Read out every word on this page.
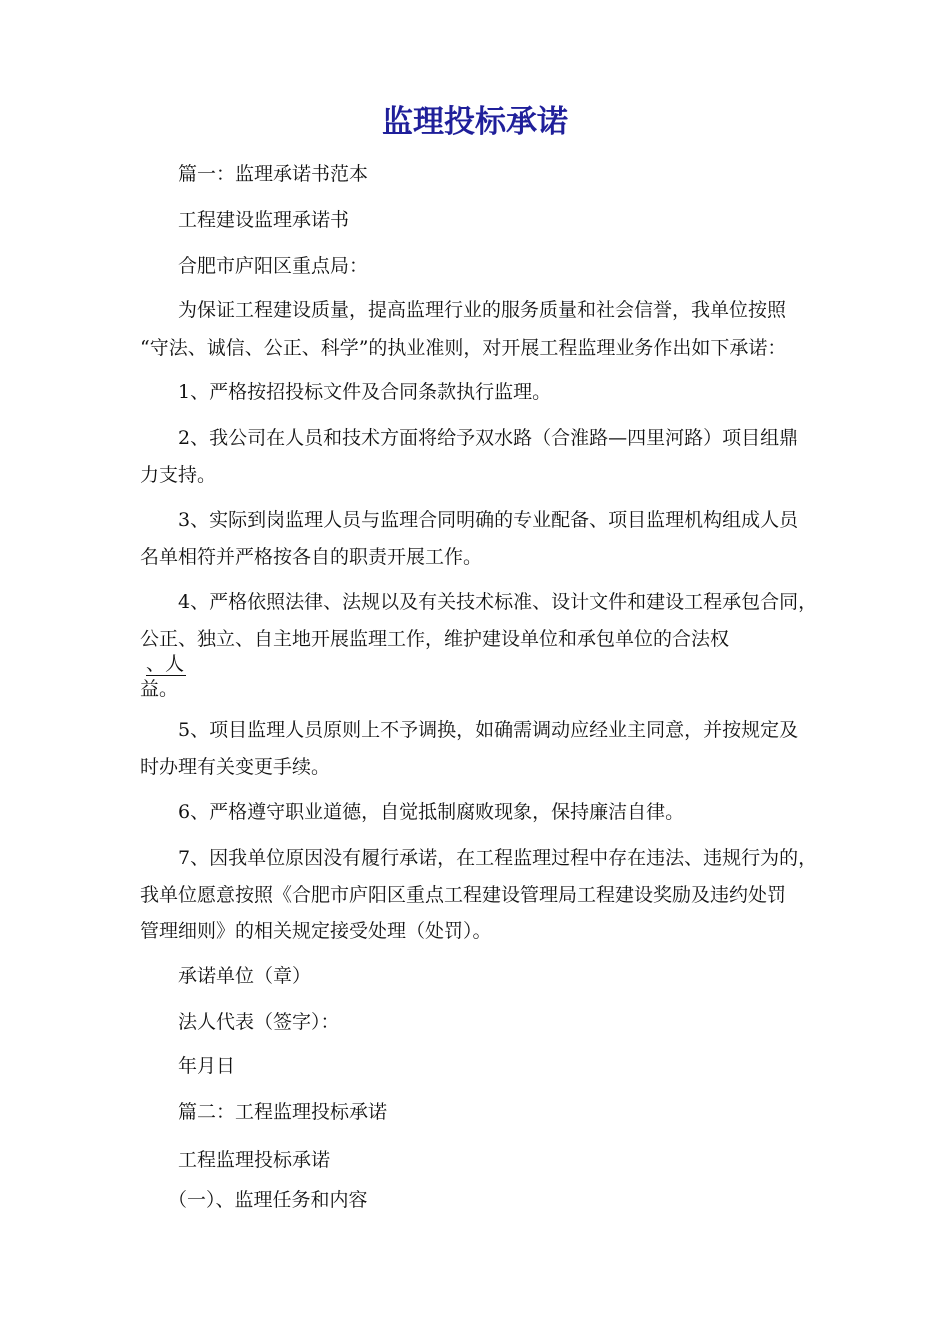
监理投标承诺
篇一：监理承诺书范本
工程建设监理承诺书
合肥市庐阳区重点局：
为保证工程建设质量，提高监理行业的服务质量和社会信誉，我单位按照
“守法、诚信、公正、科学”的执业准则，对开展工程监理业务作出如下承诺：
1、严格按招投标文件及合同条款执行监理。
2、我公司在人员和技术方面将给予双水路（合淮路—四里河路）项目组鼎
力支持。
3、实际到岗监理人员与监理合同明确的专业配备、项目监理机构组成人员
名单相符并严格按各自的职责开展工作。
4、严格依照法律、法规以及有关技术标准、设计文件和建设工程承包合同，
公正、独立、自主地开展监理工作，维护建设单位和承包单位的合法权
、人
益。
5、项目监理人员原则上不予调换，如确需调动应经业主同意，并按规定及
时办理有关变更手续。
6、严格遵守职业道德，自觉抵制腐败现象，保持廉洁自律。
7、因我单位原因没有履行承诺，在工程监理过程中存在违法、违规行为的，
我单位愿意按照《合肥市庐阳区重点工程建设管理局工程建设奖励及违约处罚
管理细则》的相关规定接受处理（处罚）。
承诺单位（章）
法人代表（签字）：
年月日
篇二：工程监理投标承诺
工程监理投标承诺
（一）、监理任务和内容
